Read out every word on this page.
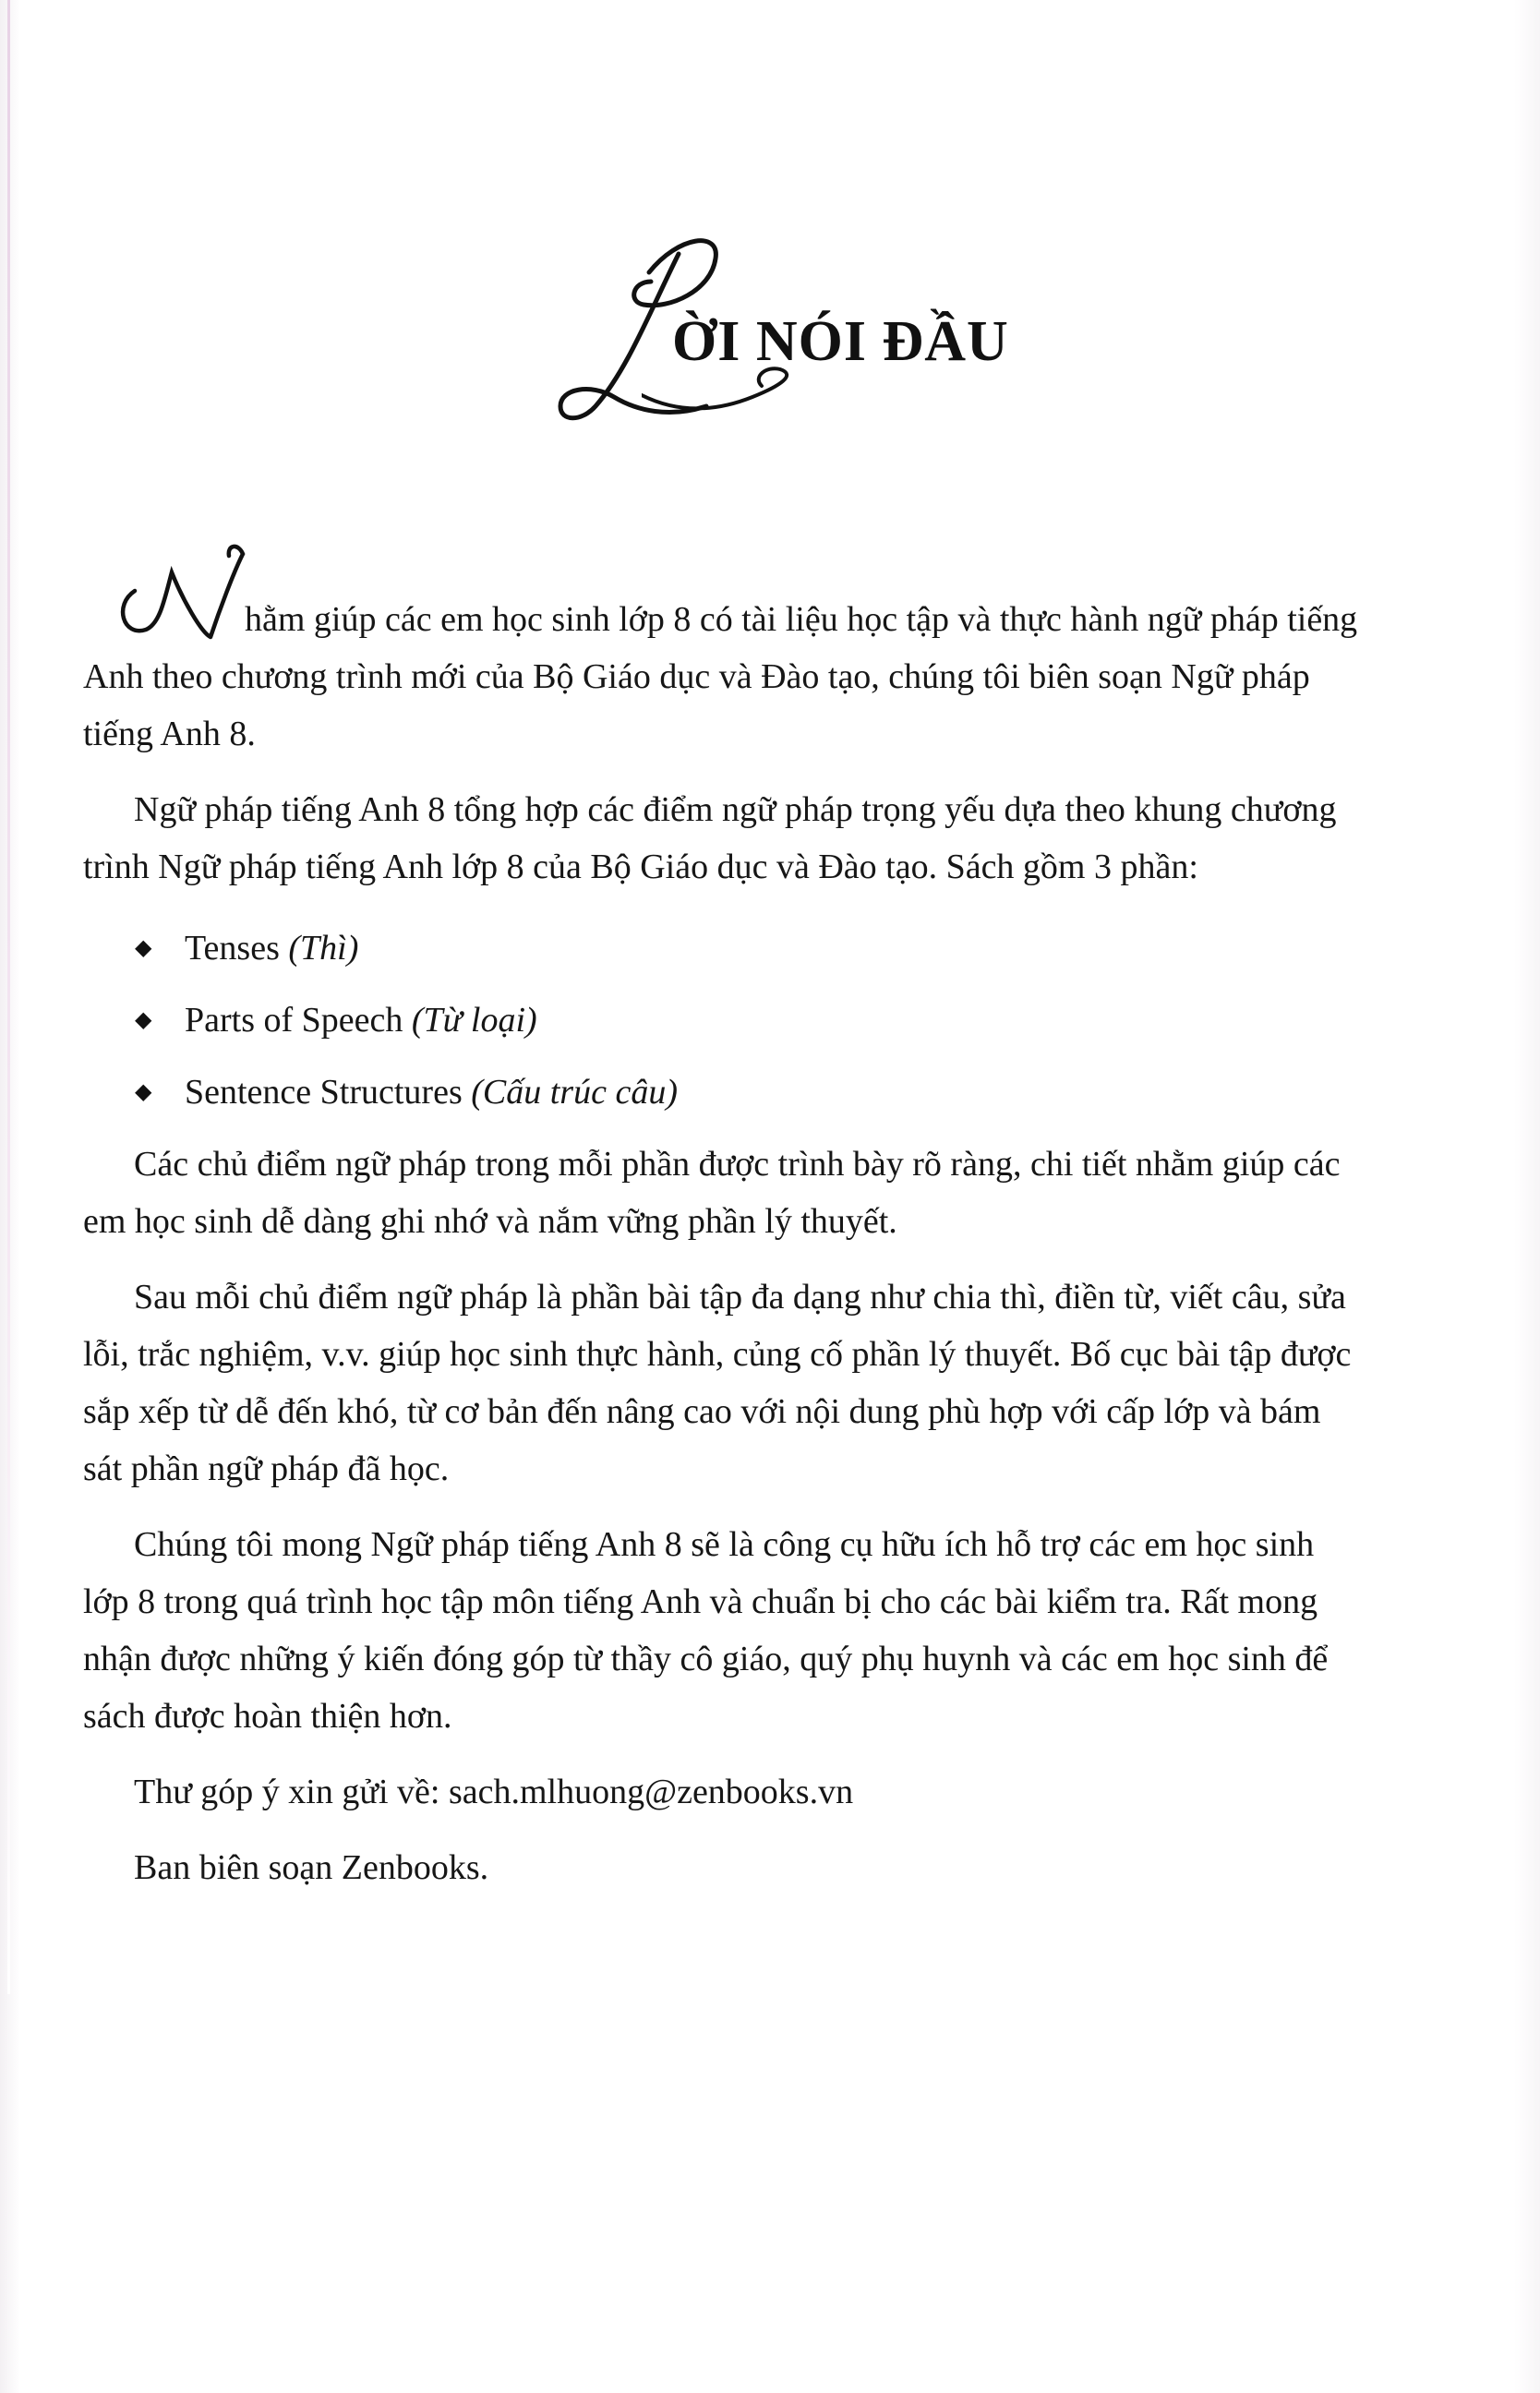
L
ỜI NÓI ĐẦU
N

hằm giúp các em học sinh lớp 8 có tài liệu học tập và thực hành ngữ pháp tiếng

Anh theo chương trình mới của Bộ Giáo dục và Đào tạo, chúng tôi biên soạn Ngữ pháp

tiếng Anh 8.

Ngữ pháp tiếng Anh 8 tổng hợp các điểm ngữ pháp trọng yếu dựa theo khung chương

trình Ngữ pháp tiếng Anh lớp 8 của Bộ Giáo dục và Đào tạo. Sách gồm 3 phần:

◆ Tenses (Thì)
◆ Parts of Speech (Từ loại)
◆ Sentence Structures (Cấu trúc câu)

Các chủ điểm ngữ pháp trong mỗi phần được trình bày rõ ràng, chi tiết nhằm giúp các

em học sinh dễ dàng ghi nhớ và nắm vững phần lý thuyết.

Sau mỗi chủ điểm ngữ pháp là phần bài tập đa dạng như chia thì, điền từ, viết câu, sửa

lỗi, trắc nghiệm, v.v. giúp học sinh thực hành, củng cố phần lý thuyết. Bố cục bài tập được

sắp xếp từ dễ đến khó, từ cơ bản đến nâng cao với nội dung phù hợp với cấp lớp và bám

sát phần ngữ pháp đã học.

Chúng tôi mong Ngữ pháp tiếng Anh 8 sẽ là công cụ hữu ích hỗ trợ các em học sinh

lớp 8 trong quá trình học tập môn tiếng Anh và chuẩn bị cho các bài kiểm tra. Rất mong

nhận được những ý kiến đóng góp từ thầy cô giáo, quý phụ huynh và các em học sinh để

sách được hoàn thiện hơn.

Thư góp ý xin gửi về: sach.mlhuong@zenbooks.vn

Ban biên soạn Zenbooks.
